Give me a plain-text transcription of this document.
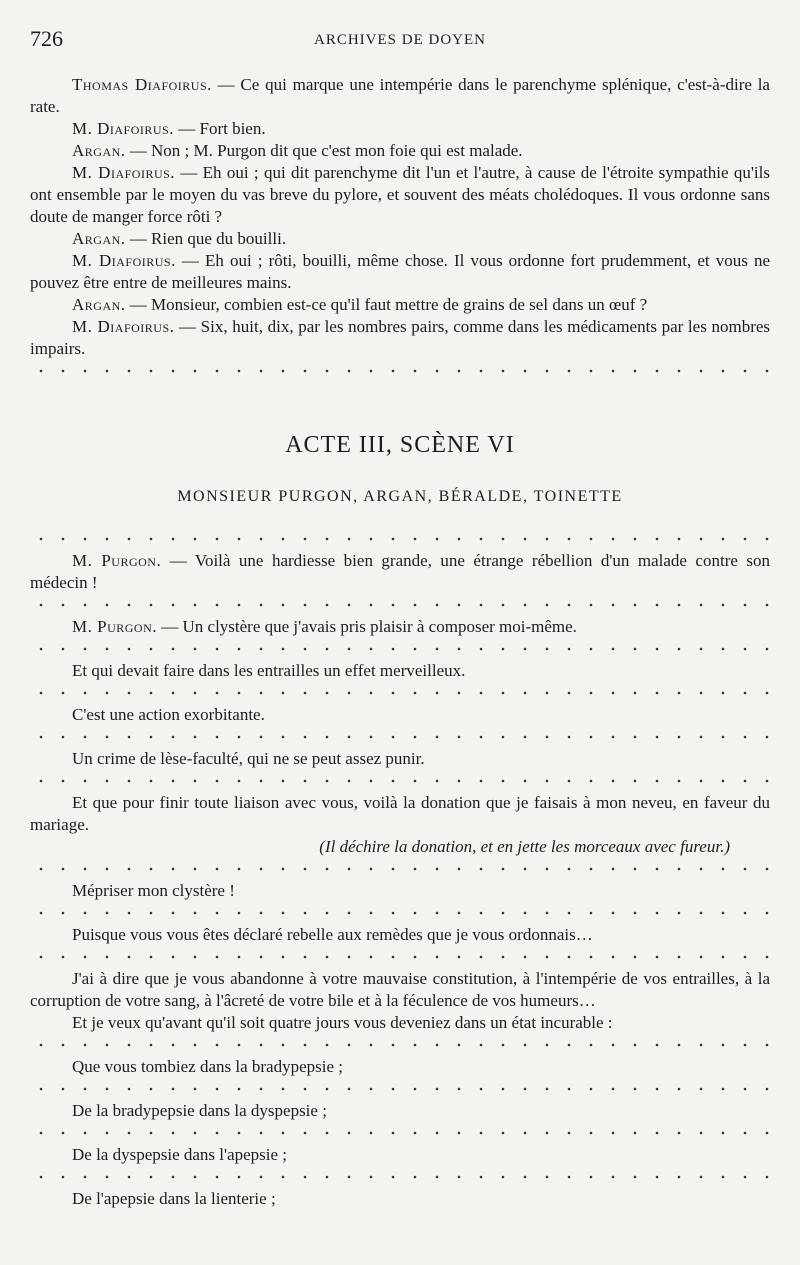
726	ARCHIVES DE DOYEN

Thomas Diafoirus. — Ce qui marque une intempérie dans le parenchyme splénique, c'est-à-dire la rate.

M. Diafoirus. — Fort bien.

Argan. — Non ; M. Purgon dit que c'est mon foie qui est malade.

M. Diafoirus. — Eh oui ; qui dit parenchyme dit l'un et l'autre, à cause de l'étroite sympathie qu'ils ont ensemble par le moyen du vas breve du pylore, et souvent des méats cholédoques. Il vous ordonne sans doute de manger force rôti ?

Argan. — Rien que du bouilli.

M. Diafoirus. — Eh oui ; rôti, bouilli, même chose. Il vous ordonne fort prudemment, et vous ne pouvez être entre de meilleures mains.

Argan. — Monsieur, combien est-ce qu'il faut mettre de grains de sel dans un œuf ?

M. Diafoirus. — Six, huit, dix, par les nombres pairs, comme dans les médicaments par les nombres impairs.

ACTE III, SCÈNE VI
MONSIEUR PURGON, ARGAN, BÉRALDE, TOINETTE

M. Purgon. — Voilà une hardiesse bien grande, une étrange rébellion d'un malade contre son médecin !

M. Purgon. — Un clystère que j'avais pris plaisir à composer moi-même.

Et qui devait faire dans les entrailles un effet merveilleux.

C'est une action exorbitante.

Un crime de lèse-faculté, qui ne se peut assez punir.

Et que pour finir toute liaison avec vous, voilà la donation que je faisais à mon neveu, en faveur du mariage.

(Il déchire la donation, et en jette les morceaux avec fureur.)

Mépriser mon clystère !

Puisque vous vous êtes déclaré rebelle aux remèdes que je vous ordonnais…

J'ai à dire que je vous abandonne à votre mauvaise constitution, à l'intempérie de vos entrailles, à la corruption de votre sang, à l'âcreté de votre bile et à la féculence de vos humeurs…

Et je veux qu'avant qu'il soit quatre jours vous deveniez dans un état incurable :

Que vous tombiez dans la bradypepsie ;

De la bradypepsie dans la dyspepsie ;

De la dyspepsie dans l'apepsie ;

De l'apepsie dans la lienterie ;
